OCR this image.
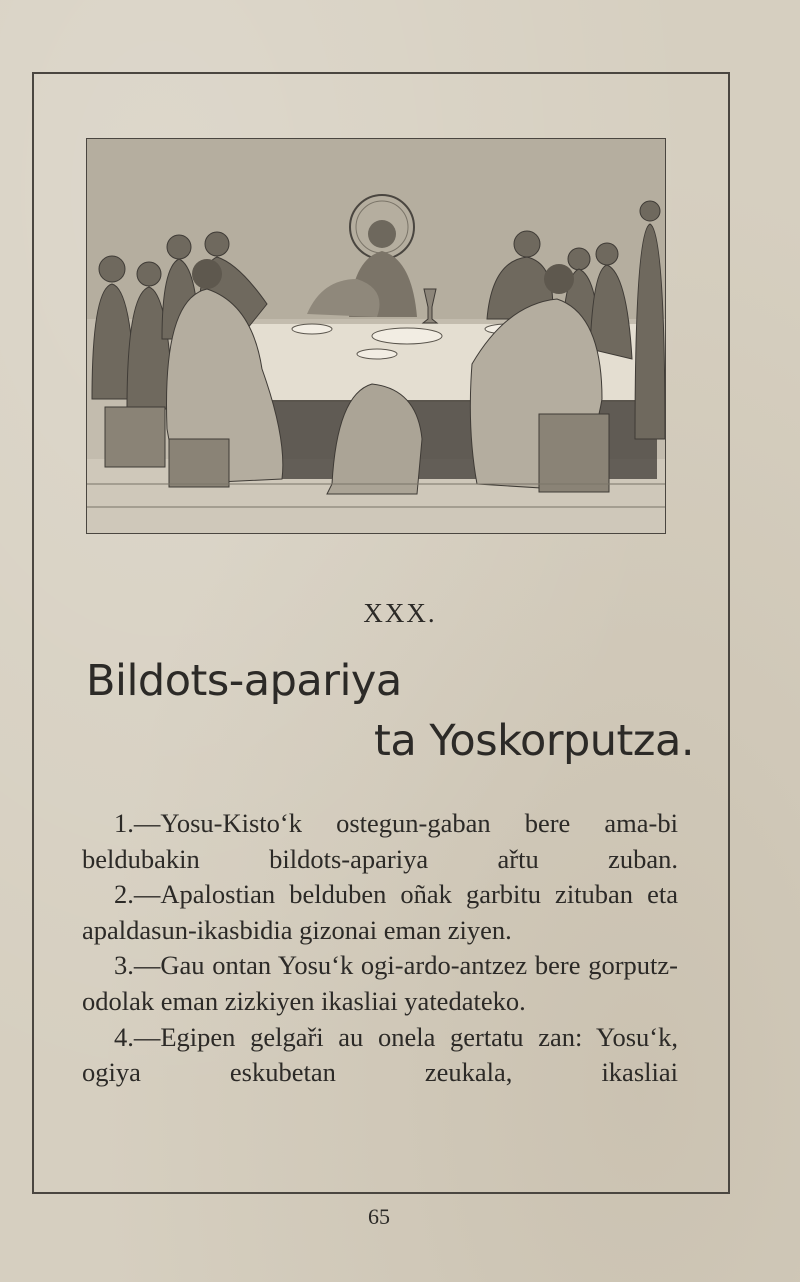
XXX.
Bildots-apariya
ta Yoskorputza.

1.—Yosu-Kisto‘k ostegun-gaban bere ama-bi beldubakin bildots-apariya ařtu zuban.

2.—Apalostian belduben oñak garbitu zituban eta apaldasun-ikasbidia gizonai eman ziyen.

3.—Gau ontan Yosu‘k ogi-ardo-antzez bere gorputz-odolak eman zizkiyen ikasliai yatedateko.

4.—Egipen gelgaři au onela gertatu zan: Yosu‘k, ogiya eskubetan zeukala, ikasliai

65
